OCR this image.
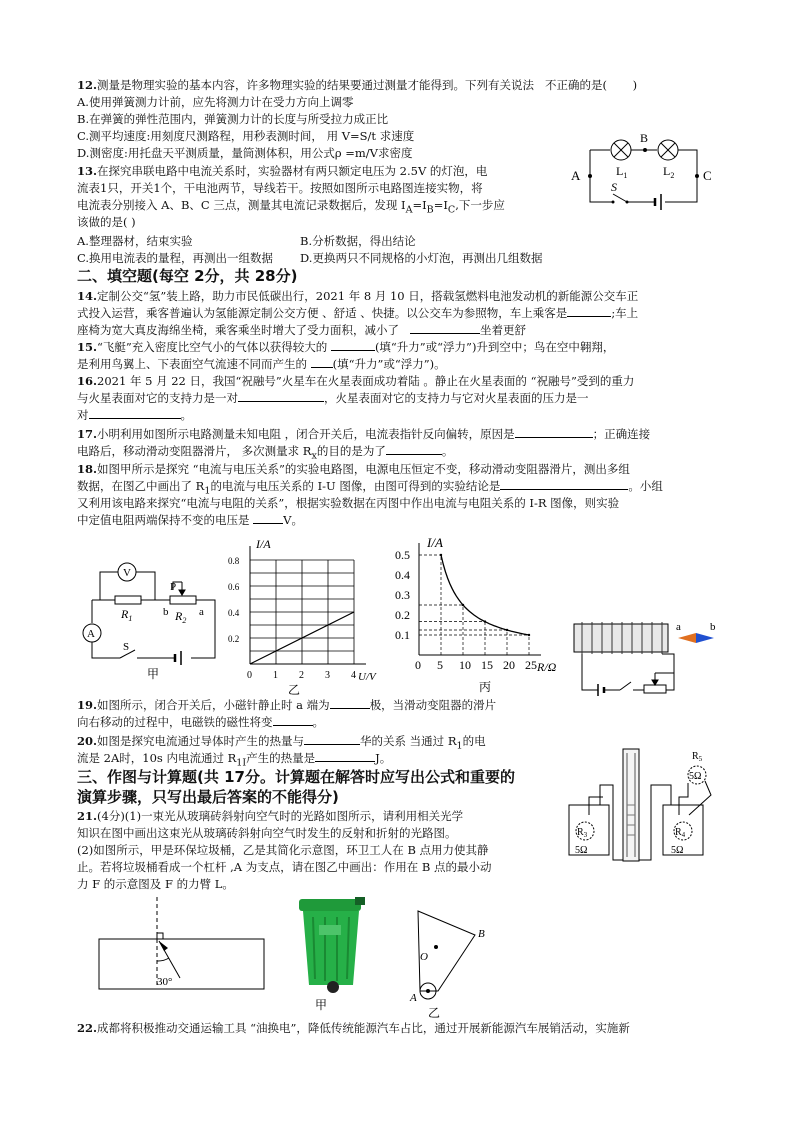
12.测量是物理实验的基本内容，许多物理实验的结果要通过测量才能得到。下列有关说法 不正确的是( )
A.使用弹簧测力计前，应先将测力计在受力方向上调零
B.在弹簧的弹性范围内，弹簧测力计的长度与所受拉力成正比
C.测平均速度:用刻度尺测路程，用秒表测时间， 用 V=S/t 求速度
D.测密度:用托盘天平测质量，量筒测体积，用公式ρ =m/V求密度
13.在探究串联电路中电流关系时，实验器材有两只额定电压为 2.5V 的灯泡，电
流表1只，开关1个，干电池两节，导线若干。按照如图所示电路图连接实物，将
电流表分别接入 A、B、C 三点，测量其电流记录数据后，发现 $I_A=I_B=I_C$,下一步应
该做的是( )
A.整理器材，结束实验	B.分析数据，得出结论
C.换用电流表的量程，再测出一组数据 D.更换两只不同规格的小灯泡，再测出几组数据
A
B
C
$L_1$	$L_2$
S
二、填空题(每空 2分，共 28分)
14.定制公交“氢”装上路，助力市民低碳出行，2021 年 8 月 10 日，搭载氢燃料电池发动机的新能源公交车正
式投入运营，乘客普遍认为氢能源定制公交方便 、舒适 、快捷。以公交车为参照物，车上乘客是	;车上
座椅为宽大真皮海绵坐椅，乘客乘坐时增大了受力面积，减小了	坐着更舒
15.“飞艇”充入密度比空气小的气体以获得较大的	(填“升力”或“浮力”)升到空中；鸟在空中翱翔，
是利用鸟翼上、下表面空气流速不同而产生的 (填“升力”或“浮力”)。
16.2021 年 5 月 22 日，我国“祝融号”火星车在火星表面成功着陆 。静止在火星表面的 “祝融号”受到的重力
与火星表面对它的支持力是一对	，火星表面对它的支持力与它对火星表面的压力是一
对	。
17.小明利用如图所示电路测量未知电阻 ，闭合开关后，电流表指针反向偏转，原因是	；正确连接
电路后，移动滑动变阻器滑片， 多次测量求 $R_x$的目的是为了	。
18.如图甲所示是探究 “电流与电压关系”的实验电路图，电源电压恒定不变，移动滑动变阻器滑片，测出多组
数据，在图乙中画出了 $R_1$的电流与电压关系的 I-U 图像，由图可得到的实验结论是	。小组
又利用该电路来探究“电流与电阻的关系”，根据实验数据在丙图中作出电流与电阻关系的 I-R 图像，则实验
中定值电阻两端保持不变的电压是	V。
V
A
$R_1$	$R_2$
P
b	a
S
甲	0 1 2 3 4
0.2
0.4
0.6
0.8
I/A
U/V
乙
0 5 10 15 20 25
0.1
0.2
0.3
0.4
0.5
I/A
R/Ω
丙
a	b
19.如图所示，闭合开关后，小磁针静止时 a 端为	极，当滑动变阻器的滑片
向右移动的过程中，电磁铁的磁性将变	。
20.如图是探究电流通过导体时产生的热量与	华的关系 当通过 $R_1$的电
流是 2A时，10s 内电流通过 $R_{1I}$产生的热量是	J。
$R_3$	$R_4$
$R_5$
5Ω	5Ω
5Ω
三、作图与计算题(共 17分。计算题在解答时应写出公式和重要的
演算步骤，只写出最后答案的不能得分)
21.(4分)(1)一束光从玻璃砖斜射向空气时的光路如图所示，请利用相关光学
知识在图中画出这束光从玻璃砖斜射向空气时发生的反射和折射的光路图。
(2)如图所示，甲是环保垃圾桶，乙是其简化示意图，环卫工人在 B 点用力使其静
止。若将垃圾桶看成一个杠杆 ,A 为支点，请在图乙中画出：作用在 B 点的最小动
力 F 的示意图及 F 的力臂 L。
30°
甲
B
O
A
乙
22.成都将积极推动交通运输工具 “油换电”，降低传统能源汽车占比，通过开展新能源汽车展销活动，实施新
